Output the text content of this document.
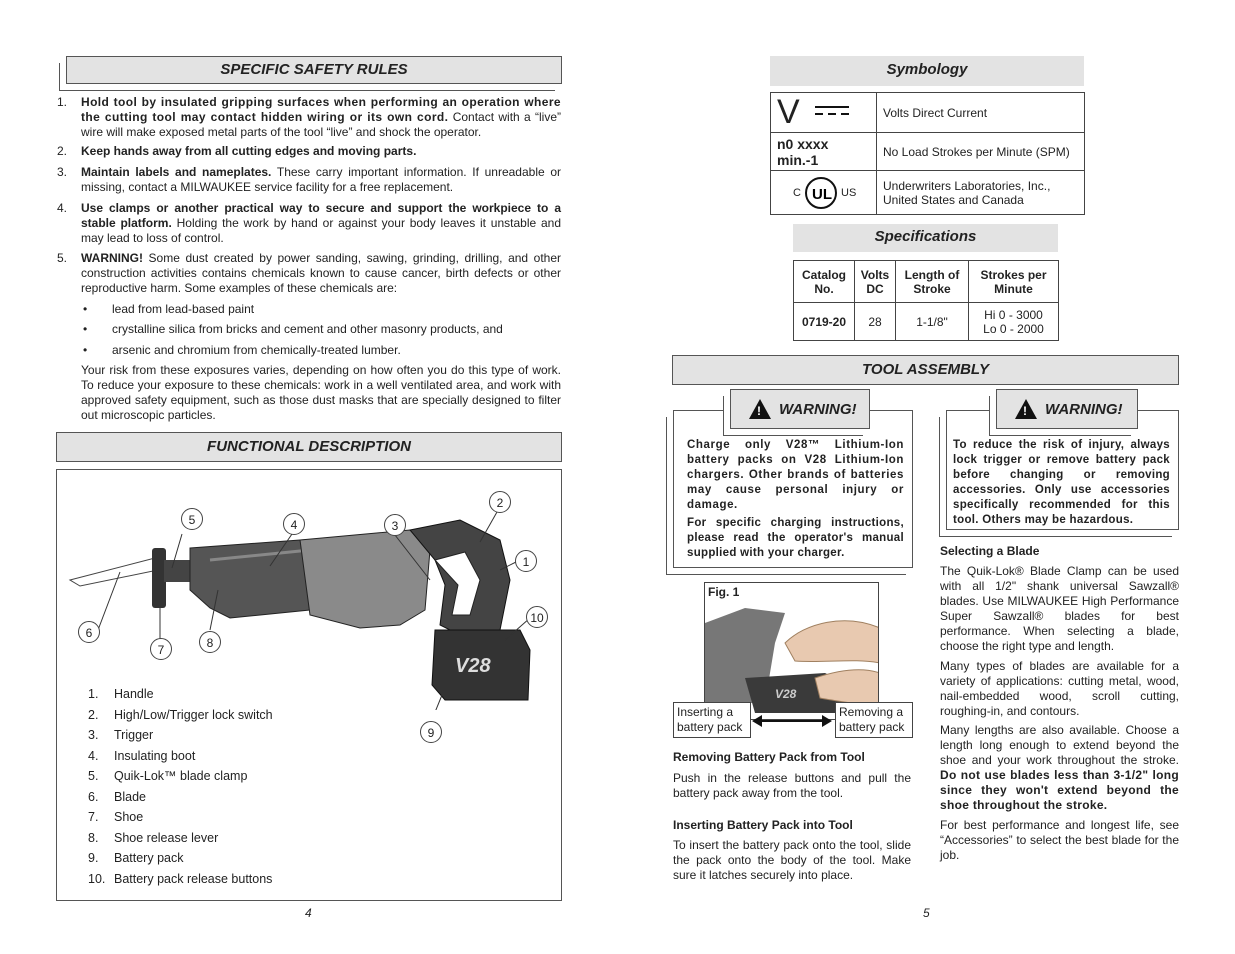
SPECIFIC SAFETY RULES
1. Hold tool by insulated gripping surfaces when performing an operation where the cutting tool may contact hidden wiring or its own cord. Contact with a “live” wire will make exposed metal parts of the tool “live” and shock the operator.
2. Keep hands away from all cutting edges and moving parts.
3. Maintain labels and nameplates. These carry important information. If unreadable or missing, contact a MILWAUKEE service facility for a free replacement.
4. Use clamps or another practical way to secure and support the workpiece to a stable platform. Holding the work by hand or against your body leaves it unstable and may lead to loss of control.
5. WARNING! Some dust created by power sanding, sawing, grinding, drilling, and other construction activities contains chemicals known to cause cancer, birth defects or other reproductive harm. Some examples of these chemicals are:
• lead from lead-based paint
• crystalline silica from bricks and cement and other masonry products, and
• arsenic and chromium from chemically-treated lumber.
Your risk from these exposures varies, depending on how often you do this type of work. To reduce your exposure to these chemicals: work in a well ventilated area, and work with approved safety equipment, such as those dust masks that are specially designed to filter out microscopic particles.
FUNCTIONAL DESCRIPTION
V28
2
5	4	3
1
10
6
8
7
9
1. Handle
2. High/Low/Trigger lock switch
3. Trigger
4. Insulating boot
5. Quik-Lok™ blade clamp
6. Blade
7. Shoe
8. Shoe release lever
9. Battery pack
10. Battery pack release buttons
4
Symbology
V	Volts Direct Current
n0 xxxx min.-1	No Load Strokes per Minute (SPM)

C UL US	Underwriters Laboratories, Inc., United States and Canada
Specifications
Catalog No.	Volts DC	Length of Stroke	Strokes per Minute
0719-20	28	1-1/8"	Hi 0 - 3000
Lo 0 - 2000
TOOL ASSEMBLY
! WARNING!
Charge only V28™ Lithium-Ion battery packs on V28 Lithium-Ion chargers. Other brands of batteries may cause personal injury or damage.
For specific charging instructions, please read the operator's manual supplied with your charger.
! WARNING!
To reduce the risk of injury, always lock trigger or remove battery pack before changing or removing accessories. Only use accessories specifically recommended for this tool. Others may be hazardous.
Fig. 1
V28
Inserting a battery pack
Removing a battery pack
Removing Battery Pack from Tool
Push in the release buttons and pull the battery pack away from the tool.
Inserting Battery Pack into Tool
To insert the battery pack onto the tool, slide the pack onto the body of the tool. Make sure it latches securely into place.
Selecting a Blade
The Quik-Lok® Blade Clamp can be used with all 1/2" shank universal Sawzall® blades. Use MILWAUKEE High Performance Super Sawzall® blades for best performance. When selecting a blade, choose the right type and length.
Many types of blades are available for a variety of applications: cutting metal, wood, nail-embedded wood, scroll cutting, roughing-in, and contours.
Many lengths are also available. Choose a length long enough to extend beyond the shoe and your work throughout the stroke. Do not use blades less than 3-1/2" long since they won't extend beyond the shoe throughout the stroke.
For best performance and longest life, see “Accessories” to select the best blade for the job.
5
